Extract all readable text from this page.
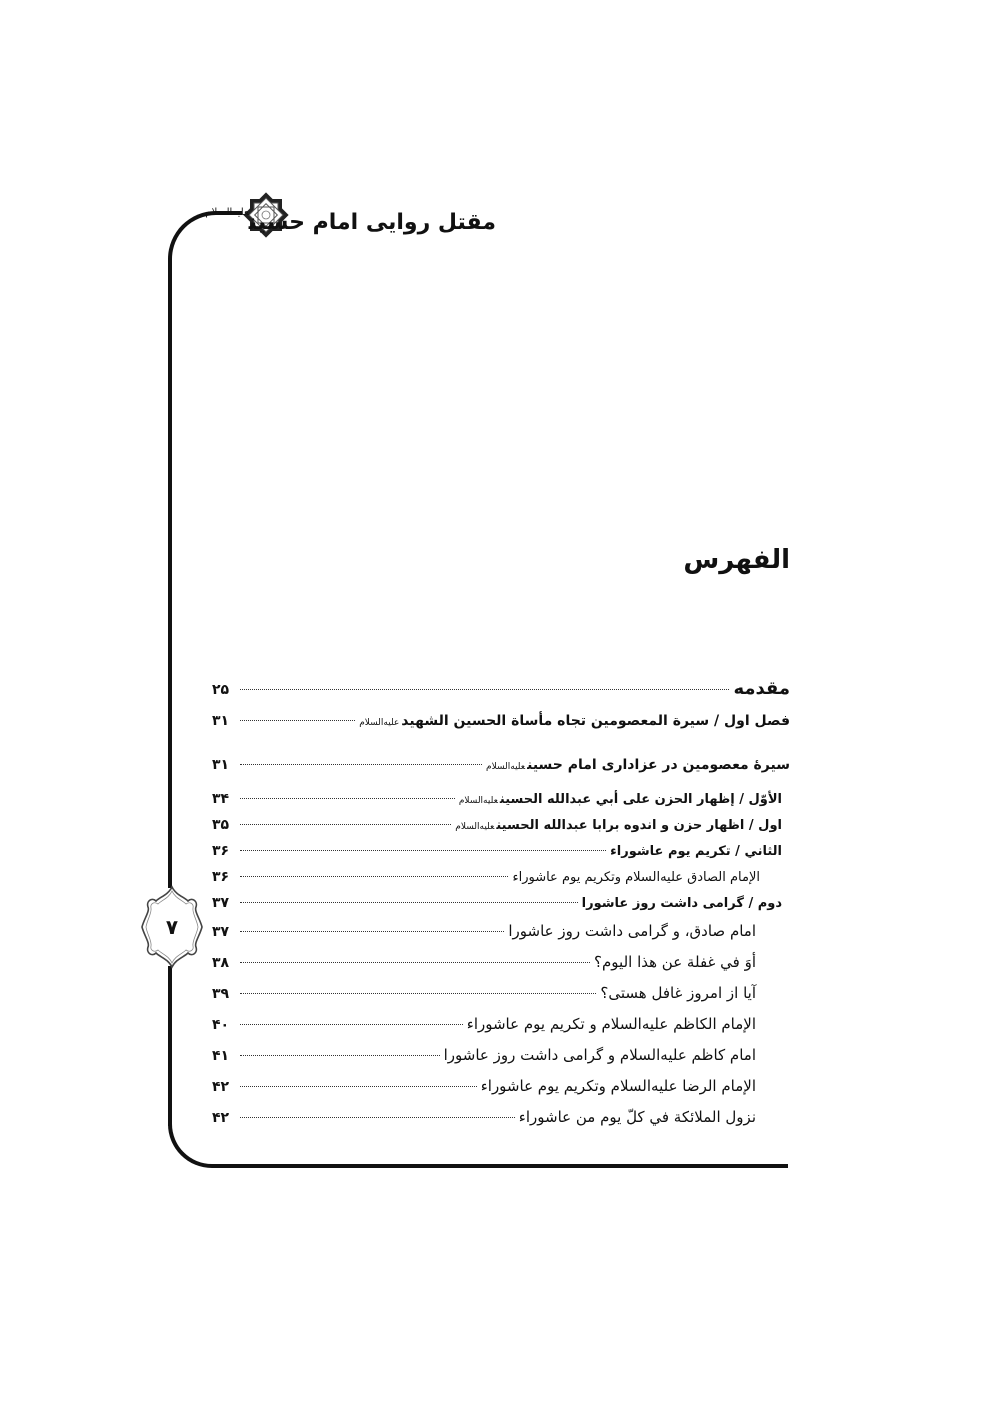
مقتل روایی امام حسین$^{علیه‌السلام}$
۷
الفهرس
مقدمه
۲۵
فصل اول / سیرة المعصومین تجاه مأساة الحسین الشهیدعلیه‌السلام
۳۱
سیرهٔ معصومین در عزاداری امام حسینعلیه‌السلام
۳۱
الأوّل / إظهار الحزن علی أبي عبدالله الحسینعلیه‌السلام
۳۴
اول / اظهار حزن و اندوه برابا عبدالله الحسینعلیه‌السلام
۳۵
الثاني / تکریم یوم عاشوراء
۳۶
الإمام الصادق علیه‌السلام وتکریم یوم عاشوراء
۳۶
دوم / گرامی داشت روز عاشورا
۳۷
امام صادق، و گرامی داشت روز عاشورا
۳۷
أوَ في غفلة عن هذا الیوم؟
۳۸
آیا از امروز غافل هستی؟
۳۹
الإمام الکاظم علیه‌السلام و تکریم یوم عاشوراء
۴۰
امام کاظم علیه‌السلام و گرامی داشت روز عاشورا
۴۱
الإمام الرضا علیه‌السلام وتکریم یوم عاشوراء
۴۲
نزول الملائکة في کلّ یوم من عاشوراء
۴۲
